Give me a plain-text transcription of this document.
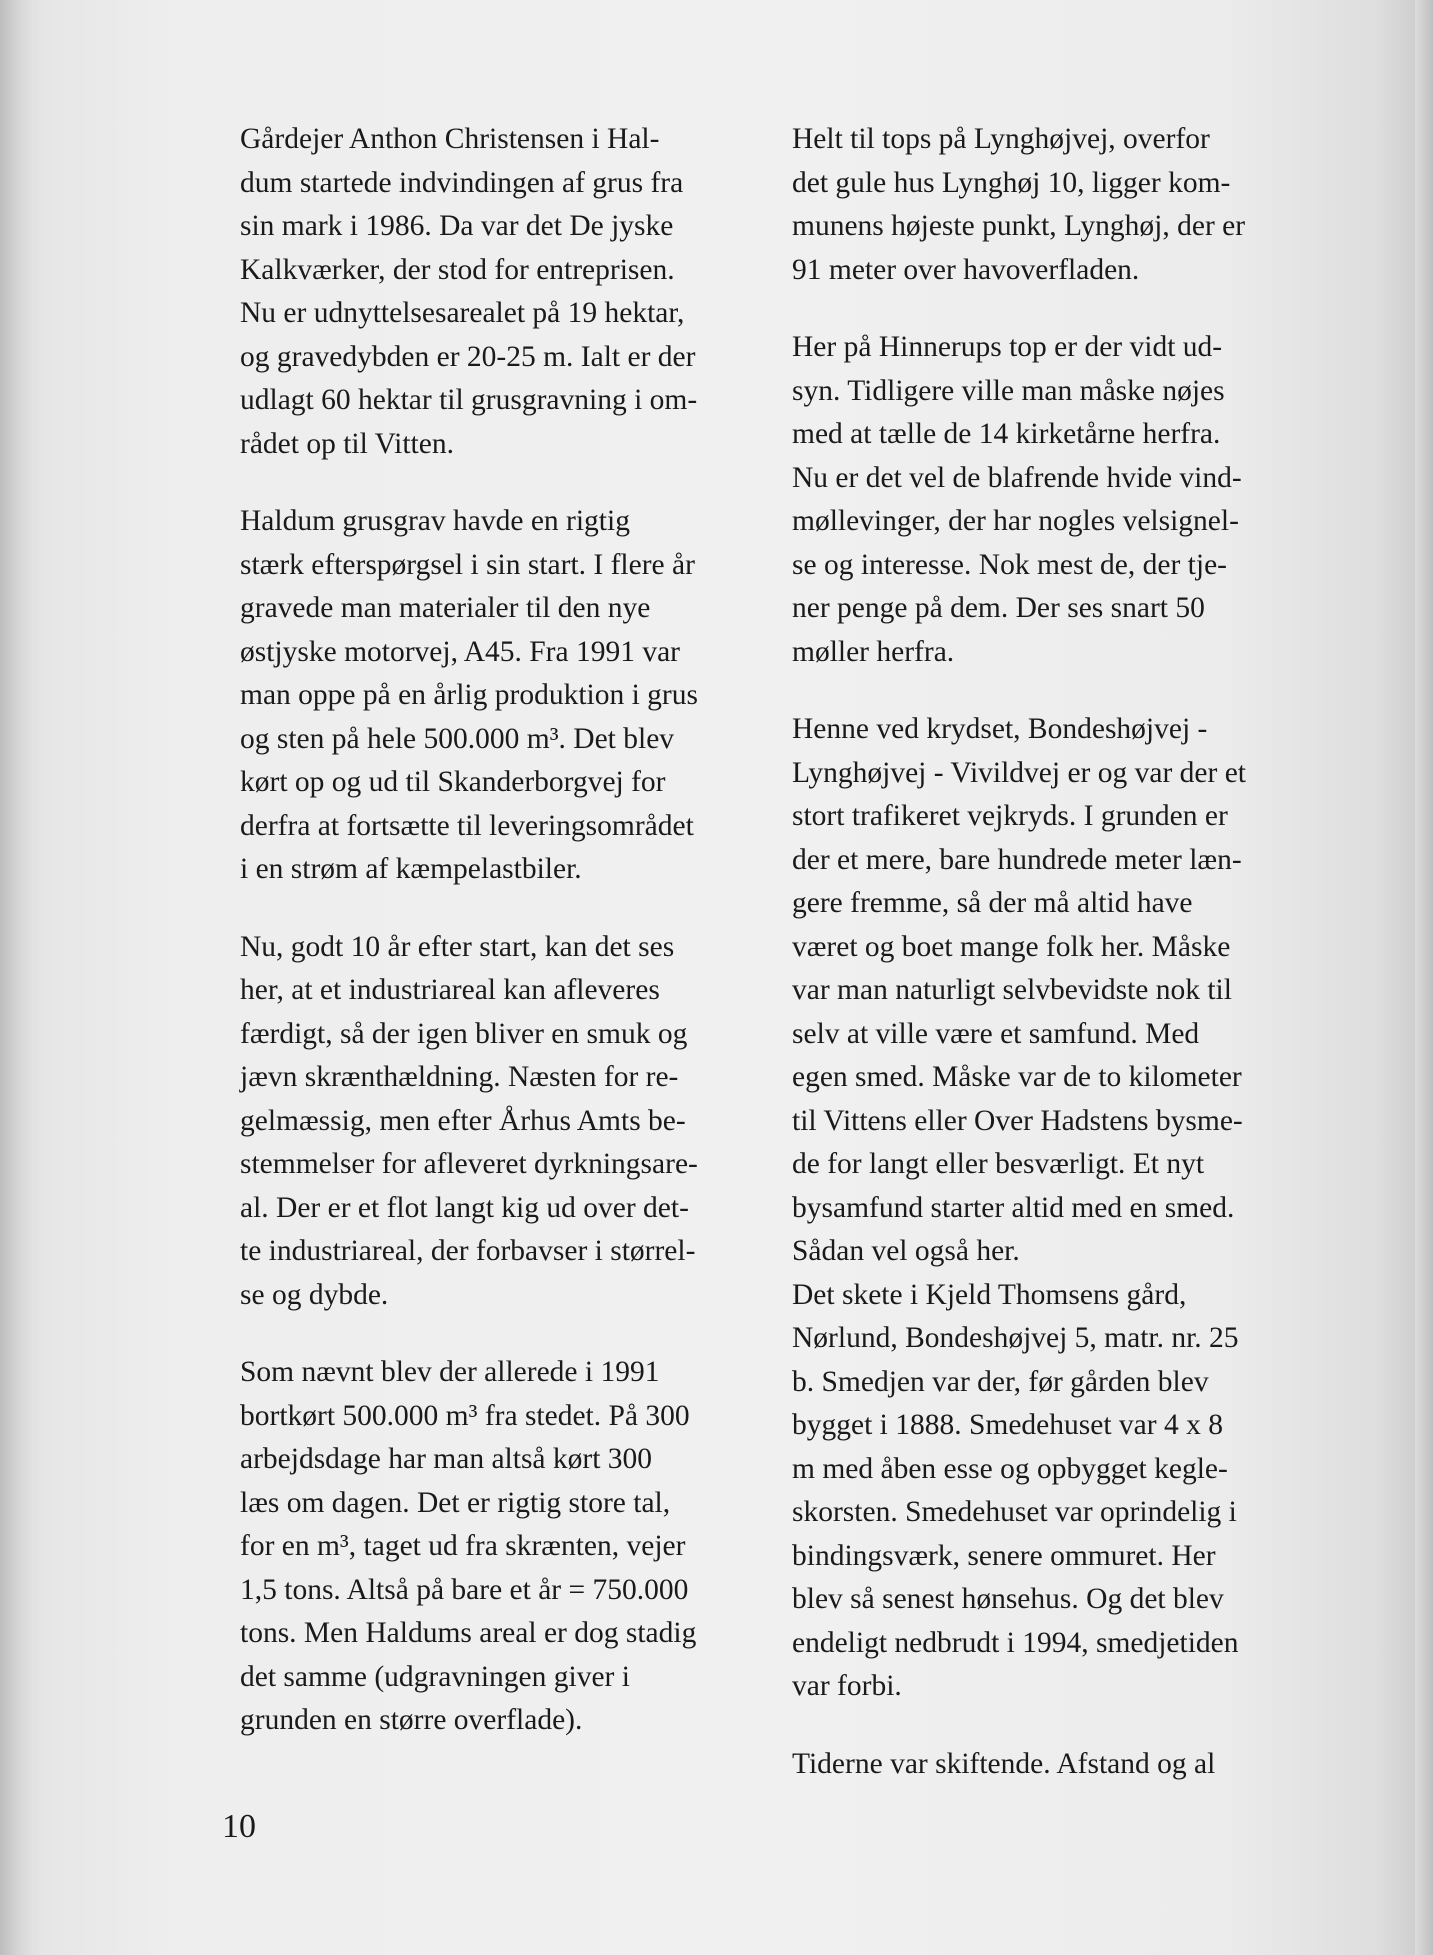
Gårdejer Anthon Christensen i Hal-
dum startede indvindingen af grus fra
sin mark i 1986. Da var det De jyske
Kalkværker, der stod for entreprisen.
Nu er udnyttelsesarealet på 19 hektar,
og gravedybden er 20-25 m. Ialt er der
udlagt 60 hektar til grusgravning i om-
rådet op til Vitten.

Haldum grusgrav havde en rigtig
stærk efterspørgsel i sin start. I flere år
gravede man materialer til den nye
østjyske motorvej, A45. Fra 1991 var
man oppe på en årlig produktion i grus
og sten på hele 500.000 m³. Det blev
kørt op og ud til Skanderborgvej for
derfra at fortsætte til leveringsområdet
i en strøm af kæmpelastbiler.

Nu, godt 10 år efter start, kan det ses
her, at et industriareal kan afleveres
færdigt, så der igen bliver en smuk og
jævn skrænthældning. Næsten for re-
gelmæssig, men efter Århus Amts be-
stemmelser for afleveret dyrkningsare-
al. Der er et flot langt kig ud over det-
te industriareal, der forbavser i størrel-
se og dybde.

Som nævnt blev der allerede i 1991
bortkørt 500.000 m³ fra stedet. På 300
arbejdsdage har man altså kørt 300
læs om dagen. Det er rigtig store tal,
for en m³, taget ud fra skrænten, vejer
1,5 tons. Altså på bare et år = 750.000
tons. Men Haldums areal er dog stadig
det samme (udgravningen giver i
grunden en større overflade).

Helt til tops på Lynghøjvej, overfor
det gule hus Lynghøj 10, ligger kom-
munens højeste punkt, Lynghøj, der er
91 meter over havoverfladen.

Her på Hinnerups top er der vidt ud-
syn. Tidligere ville man måske nøjes
med at tælle de 14 kirketårne herfra.
Nu er det vel de blafrende hvide vind-
møllevinger, der har nogles velsignel-
se og interesse. Nok mest de, der tje-
ner penge på dem. Der ses snart 50
møller herfra.

Henne ved krydset, Bondeshøjvej -
Lynghøjvej - Vivildvej er og var der et
stort trafikeret vejkryds. I grunden er
der et mere, bare hundrede meter læn-
gere fremme, så der må altid have
været og boet mange folk her. Måske
var man naturligt selvbevidste nok til
selv at ville være et samfund. Med
egen smed. Måske var de to kilometer
til Vittens eller Over Hadstens bysme-
de for langt eller besværligt. Et nyt
bysamfund starter altid med en smed.
Sådan vel også her.

Det skete i Kjeld Thomsens gård,
Nørlund, Bondeshøjvej 5, matr. nr. 25
b. Smedjen var der, før gården blev
bygget i 1888. Smedehuset var 4 x 8
m med åben esse og opbygget kegle-
skorsten. Smedehuset var oprindelig i
bindingsværk, senere ommuret. Her
blev så senest hønsehus. Og det blev
endeligt nedbrudt i 1994, smedjetiden
var forbi.

Tiderne var skiftende. Afstand og al

10
